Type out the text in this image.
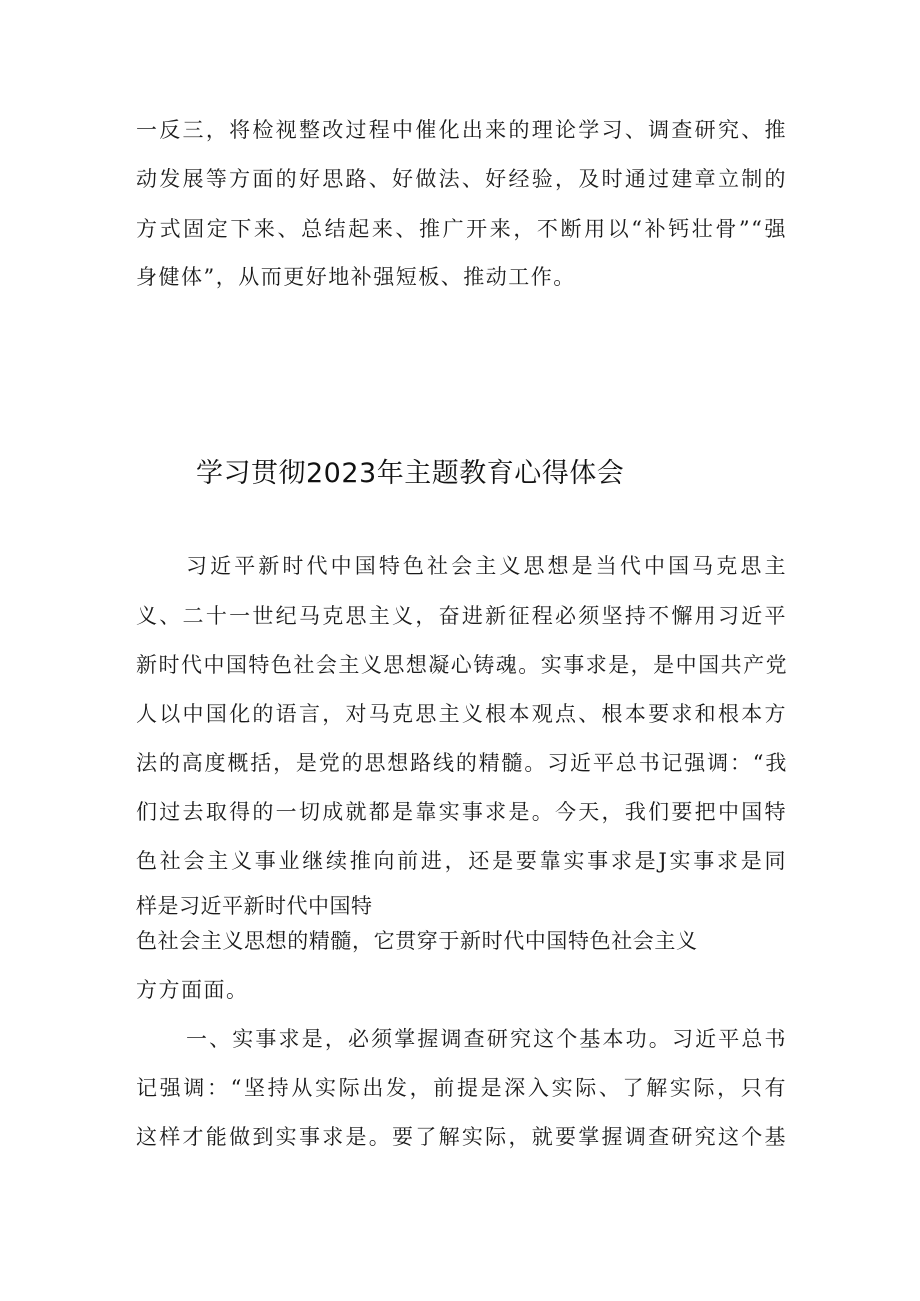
一反三，将检视整改过程中催化出来的理论学习、调查研究、推
动发展等方面的好思路、好做法、好经验，及时通过建章立制的
方式固定下来、总结起来、推广开来，不断用以“补钙壮骨”“强
身健体”，从而更好地补强短板、推动工作。
学习贯彻2023年主题教育心得体会
习近平新时代中国特色社会主义思想是当代中国马克思主
义、二十一世纪马克思主义，奋进新征程必须坚持不懈用习近平
新时代中国特色社会主义思想凝心铸魂。实事求是，是中国共产党
人以中国化的语言，对马克思主义根本观点、根本要求和根本方
法的高度概括，是党的思想路线的精髓。习近平总书记强调：“我
们过去取得的一切成就都是靠实事求是。今天，我们要把中国特
色社会主义事业继续推向前进，还是要靠实事求是J实事求是同
样是习近平新时代中国特
色社会主义思想的精髓，它贯穿于新时代中国特色社会主义
方方面面。
一、实事求是，必须掌握调查研究这个基本功。习近平总书
记强调：“坚持从实际出发，前提是深入实际、了解实际，只有
这样才能做到实事求是。要了解实际，就要掌握调查研究这个基
